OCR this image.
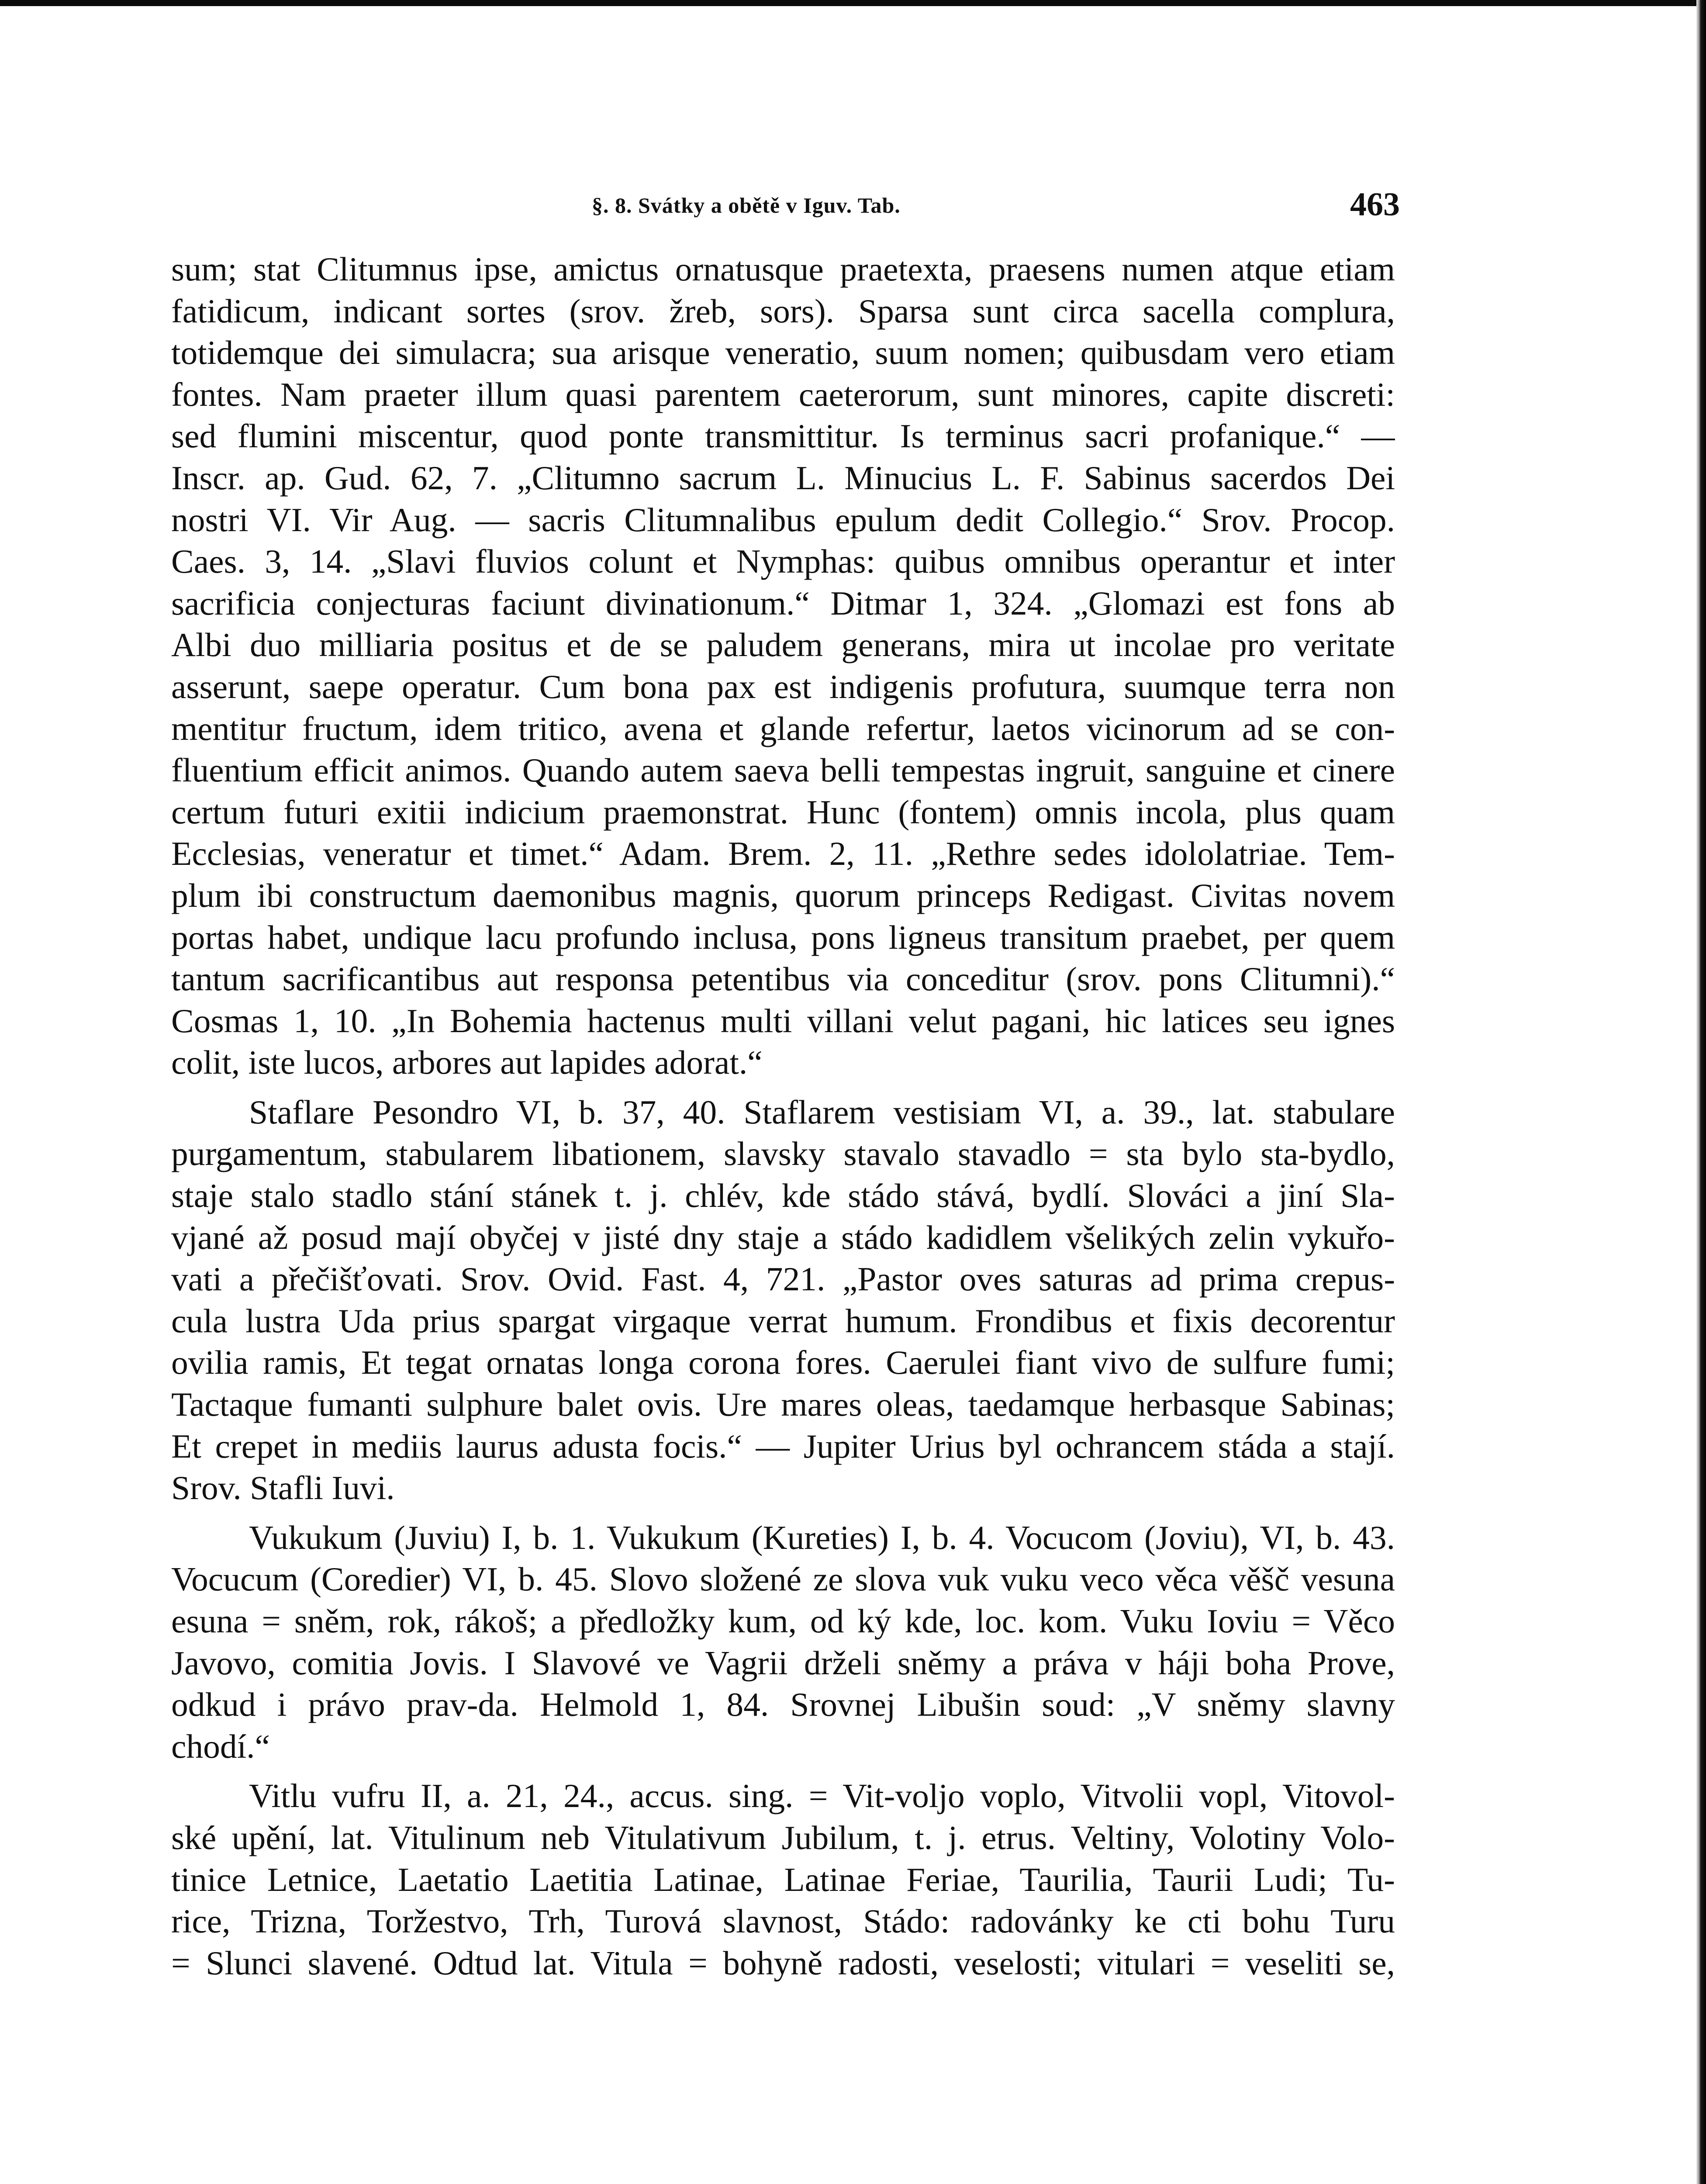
§. 8. Svátky a obětě v Iguv. Tab.	463
sum; stat Clitumnus ipse, amictus ornatusque praetexta, praesens numen atque etiam
fatidicum, indicant sortes (srov. žreb, sors). Sparsa sunt circa sacella complura,
totidemque dei simulacra; sua arisque veneratio, suum nomen; quibusdam vero etiam
fontes. Nam praeter illum quasi parentem caeterorum, sunt minores, capite discreti:
sed flumini miscentur, quod ponte transmittitur. Is terminus sacri profanique.“ —
Inscr. ap. Gud. 62, 7. „Clitumno sacrum L. Minucius L. F. Sabinus sacerdos Dei
nostri VI. Vir Aug. — sacris Clitumnalibus epulum dedit Collegio.“ Srov. Procop.
Caes. 3, 14. „Slavi fluvios colunt et Nymphas: quibus omnibus operantur et inter
sacrificia conjecturas faciunt divinationum.“ Ditmar 1, 324. „Glomazi est fons ab
Albi duo milliaria positus et de se paludem generans, mira ut incolae pro veritate
asserunt, saepe operatur. Cum bona pax est indigenis profutura, suumque terra non
mentitur fructum, idem tritico, avena et glande refertur, laetos vicinorum ad se con-
fluentium efficit animos. Quando autem saeva belli tempestas ingruit, sanguine et cinere
certum futuri exitii indicium praemonstrat. Hunc (fontem) omnis incola, plus quam
Ecclesias, veneratur et timet.“ Adam. Brem. 2, 11. „Rethre sedes idololatriae. Tem-
plum ibi constructum daemonibus magnis, quorum princeps Redigast. Civitas novem
portas habet, undique lacu profundo inclusa, pons ligneus transitum praebet, per quem
tantum sacrificantibus aut responsa petentibus via conceditur (srov. pons Clitumni).“
Cosmas 1, 10. „In Bohemia hactenus multi villani velut pagani, hic latices seu ignes
colit, iste lucos, arbores aut lapides adorat.“
Staflare Pesondro VI, b. 37, 40. Staflarem vestisiam VI, a. 39., lat. stabulare
purgamentum, stabularem libationem, slavsky stavalo stavadlo = sta bylo sta-bydlo,
staje stalo stadlo stání stánek t. j. chlév, kde stádo stává, bydlí. Slováci a jiní Sla-
vjané až posud mají obyčej v jisté dny staje a stádo kadidlem všelikých zelin vykuřo-
vati a přečišťovati. Srov. Ovid. Fast. 4, 721. „Pastor oves saturas ad prima crepus-
cula lustra Uda prius spargat virgaque verrat humum. Frondibus et fixis decorentur
ovilia ramis, Et tegat ornatas longa corona fores. Caerulei fiant vivo de sulfure fumi;
Tactaque fumanti sulphure balet ovis. Ure mares oleas, taedamque herbasque Sabinas;
Et crepet in mediis laurus adusta focis.“ — Jupiter Urius byl ochrancem stáda a stají.
Srov. Stafli Iuvi.
Vukukum (Juviu) I, b. 1. Vukukum (Kureties) I, b. 4. Vocucom (Joviu), VI, b. 43.
Vocucum (Coredier) VI, b. 45. Slovo složené ze slova vuk vuku veco věca věšč vesuna
esuna = sněm, rok, rákoš; a předložky kum, od ký kde, loc. kom. Vuku Ioviu = Věco
Javovo, comitia Jovis. I Slavové ve Vagrii drželi sněmy a práva v háji boha Prove,
odkud i právo prav-da. Helmold 1, 84. Srovnej Libušin soud: „V sněmy slavny
chodí.“
Vitlu vufru II, a. 21, 24., accus. sing. = Vit-voljo voplo, Vitvolii vopl, Vitovol-
ské upění, lat. Vitulinum neb Vitulativum Jubilum, t. j. etrus. Veltiny, Volotiny Volo-
tinice Letnice, Laetatio Laetitia Latinae, Latinae Feriae, Taurilia, Taurii Ludi; Tu-
rice, Trizna, Toržestvo, Trh, Turová slavnost, Stádo: radovánky ke cti bohu Turu
= Slunci slavené. Odtud lat. Vitula = bohyně radosti, veselosti; vitulari = veseliti se,
